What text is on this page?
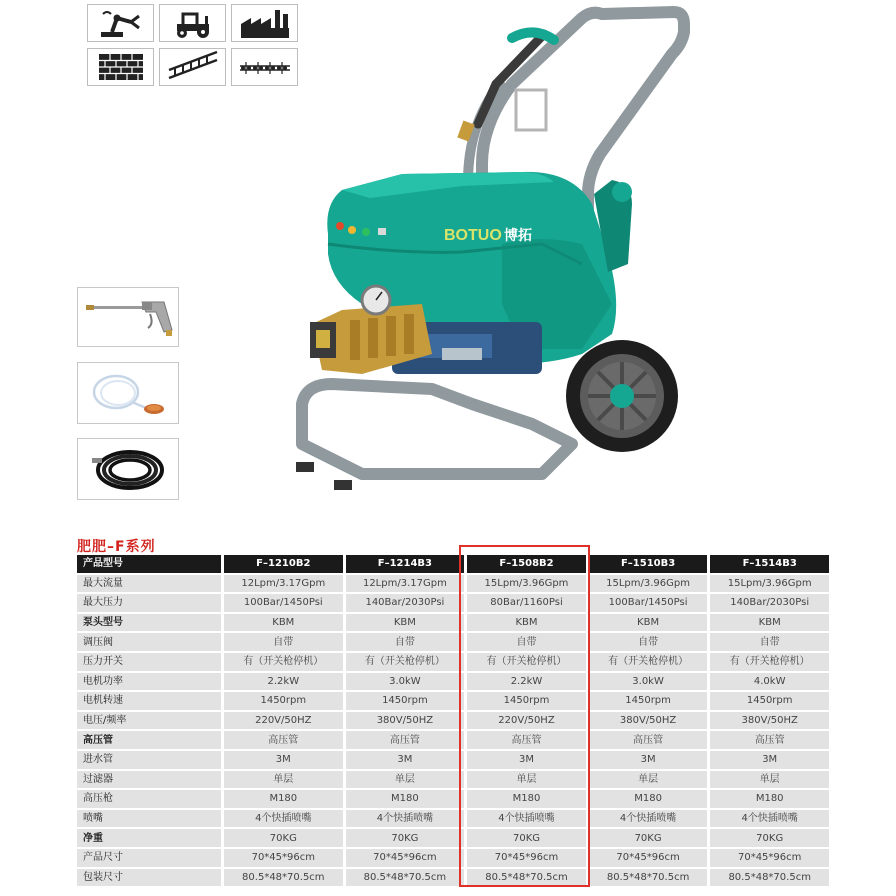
BOTUO 博拓
肥肥–F系列
产品型号	F–1210B2	F–1214B3	F–1508B2	F–1510B3	F–1514B3
最大流量	12Lpm/3.17Gpm	12Lpm/3.17Gpm	15Lpm/3.96Gpm	15Lpm/3.96Gpm	15Lpm/3.96Gpm
最大压力	100Bar/1450Psi	140Bar/2030Psi	80Bar/1160Psi	100Bar/1450Psi	140Bar/2030Psi
泵头型号	KBM	KBM	KBM	KBM	KBM
调压阀	自带	自带	自带	自带	自带
压力开关	有（开关枪停机）	有（开关枪停机）	有（开关枪停机）	有（开关枪停机）	有（开关枪停机）
电机功率	2.2kW	3.0kW	2.2kW	3.0kW	4.0kW
电机转速	1450rpm	1450rpm	1450rpm	1450rpm	1450rpm
电压/频率	220V/50HZ	380V/50HZ	220V/50HZ	380V/50HZ	380V/50HZ
高压管	高压管	高压管	高压管	高压管	高压管
进水管	3M	3M	3M	3M	3M
过滤器	单层	单层	单层	单层	单层
高压枪	M180	M180	M180	M180	M180
喷嘴	4个快插喷嘴	4个快插喷嘴	4个快插喷嘴	4个快插喷嘴	4个快插喷嘴
净重	70KG	70KG	70KG	70KG	70KG
产品尺寸	70*45*96cm	70*45*96cm	70*45*96cm	70*45*96cm	70*45*96cm
包装尺寸	80.5*48*70.5cm	80.5*48*70.5cm	80.5*48*70.5cm	80.5*48*70.5cm	80.5*48*70.5cm
